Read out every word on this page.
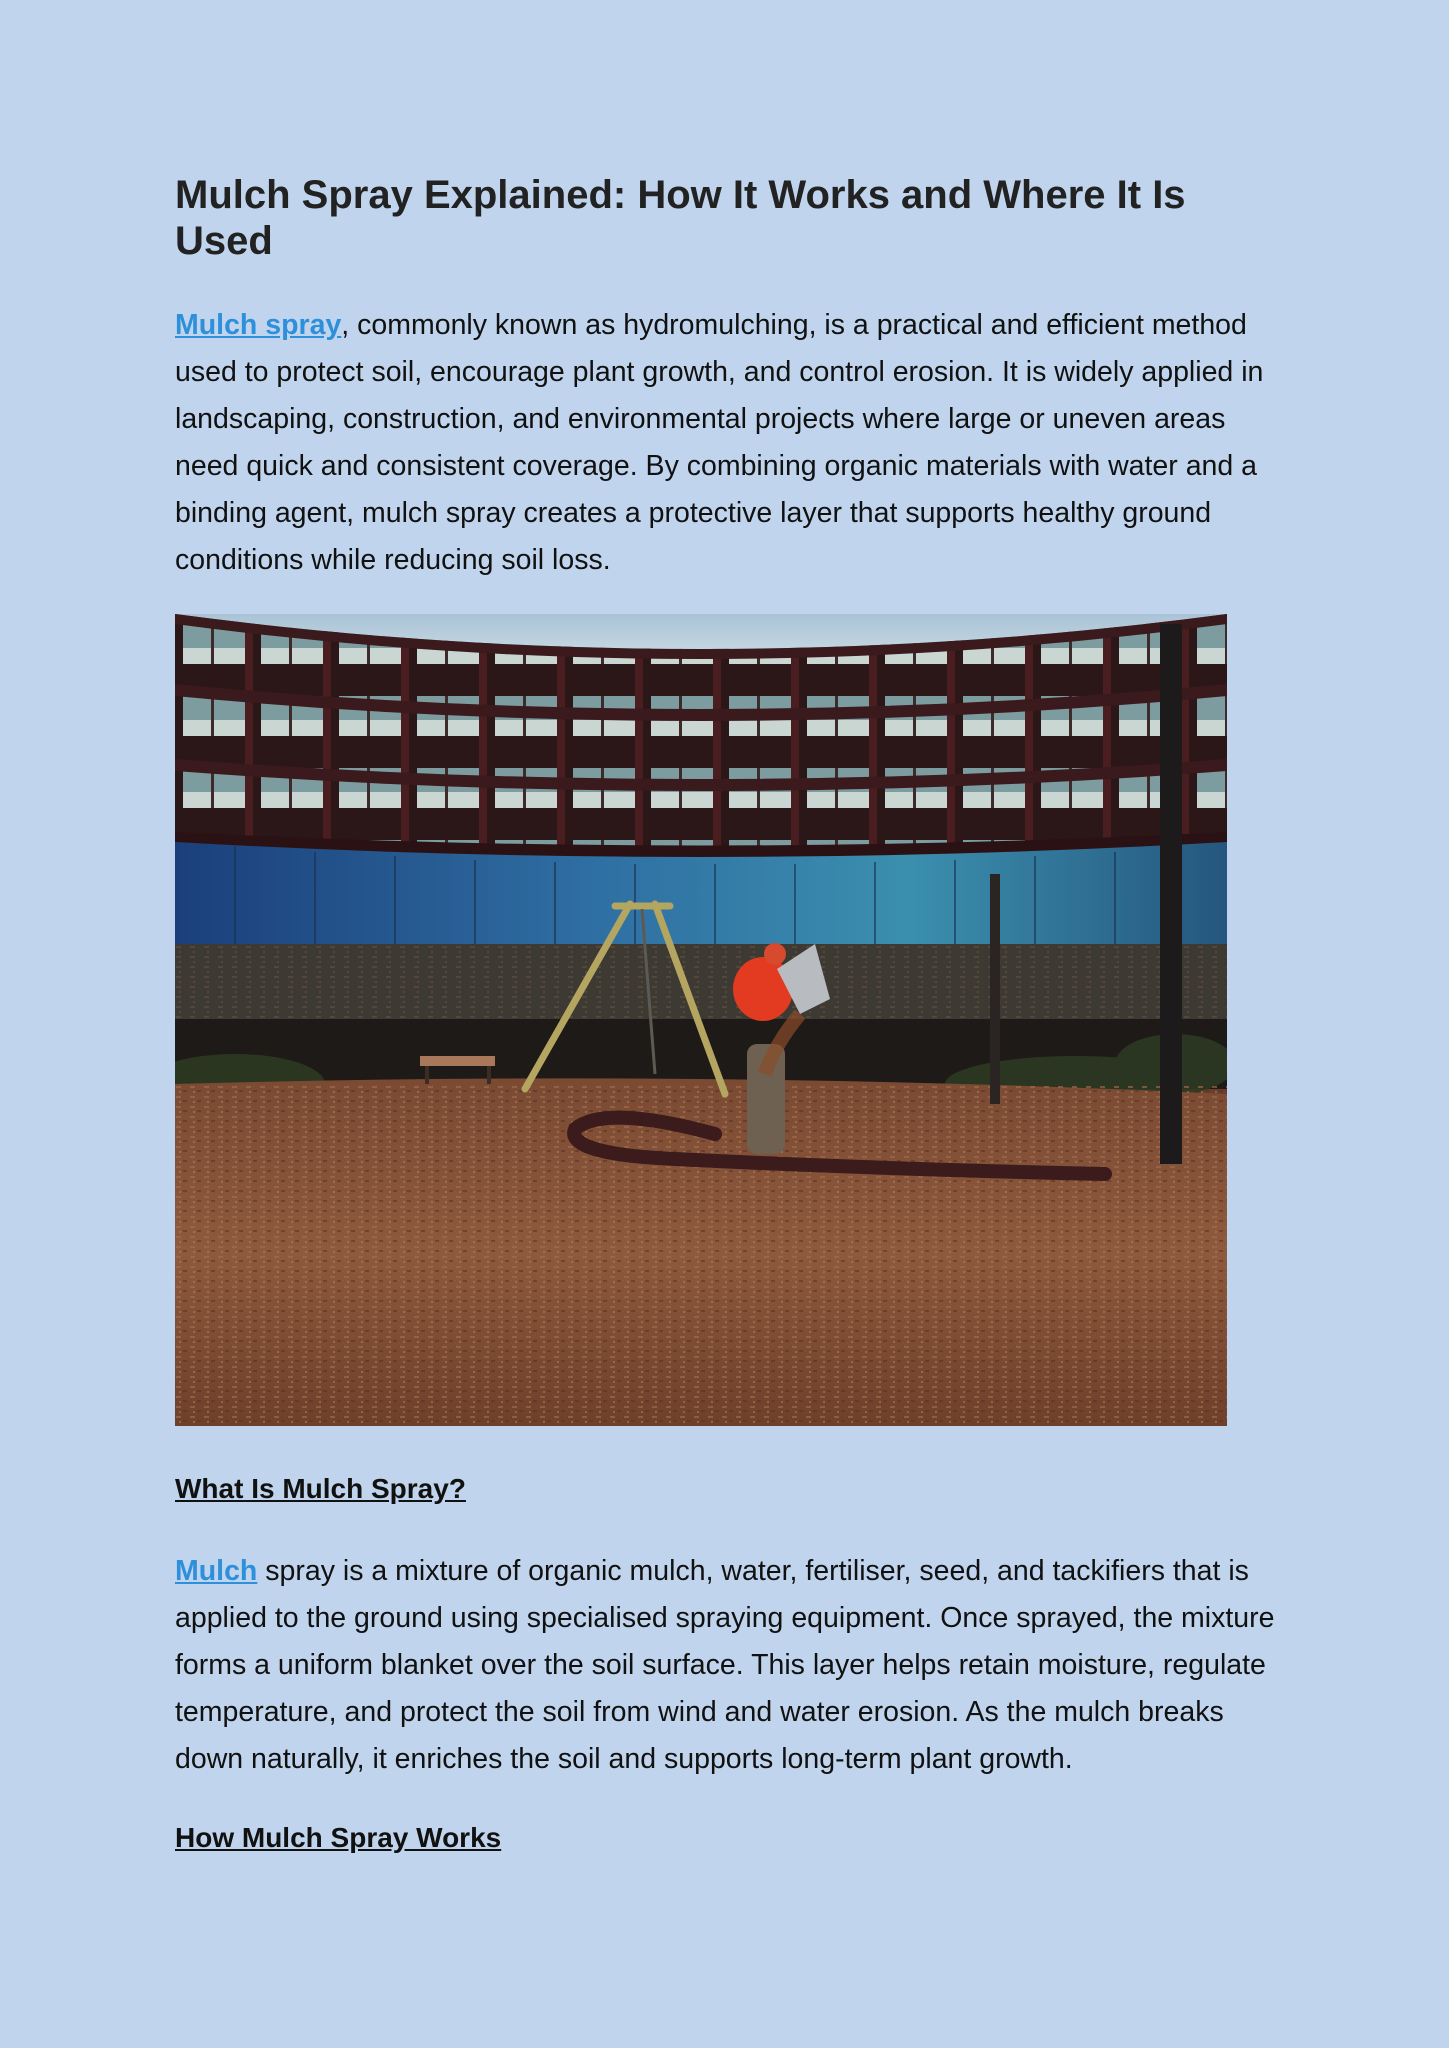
Mulch Spray Explained: How It Works and Where It Is Used

Mulch spray, commonly known as hydromulching, is a practical and efficient method used to protect soil, encourage plant growth, and control erosion. It is widely applied in landscaping, construction, and environmental projects where large or uneven areas need quick and consistent coverage. By combining organic materials with water and a binding agent, mulch spray creates a protective layer that supports healthy ground conditions while reducing soil loss.

What Is Mulch Spray?

Mulch spray is a mixture of organic mulch, water, fertiliser, seed, and tackifiers that is applied to the ground using specialised spraying equipment. Once sprayed, the mixture forms a uniform blanket over the soil surface. This layer helps retain moisture, regulate temperature, and protect the soil from wind and water erosion. As the mulch breaks down naturally, it enriches the soil and supports long-term plant growth.

How Mulch Spray Works
